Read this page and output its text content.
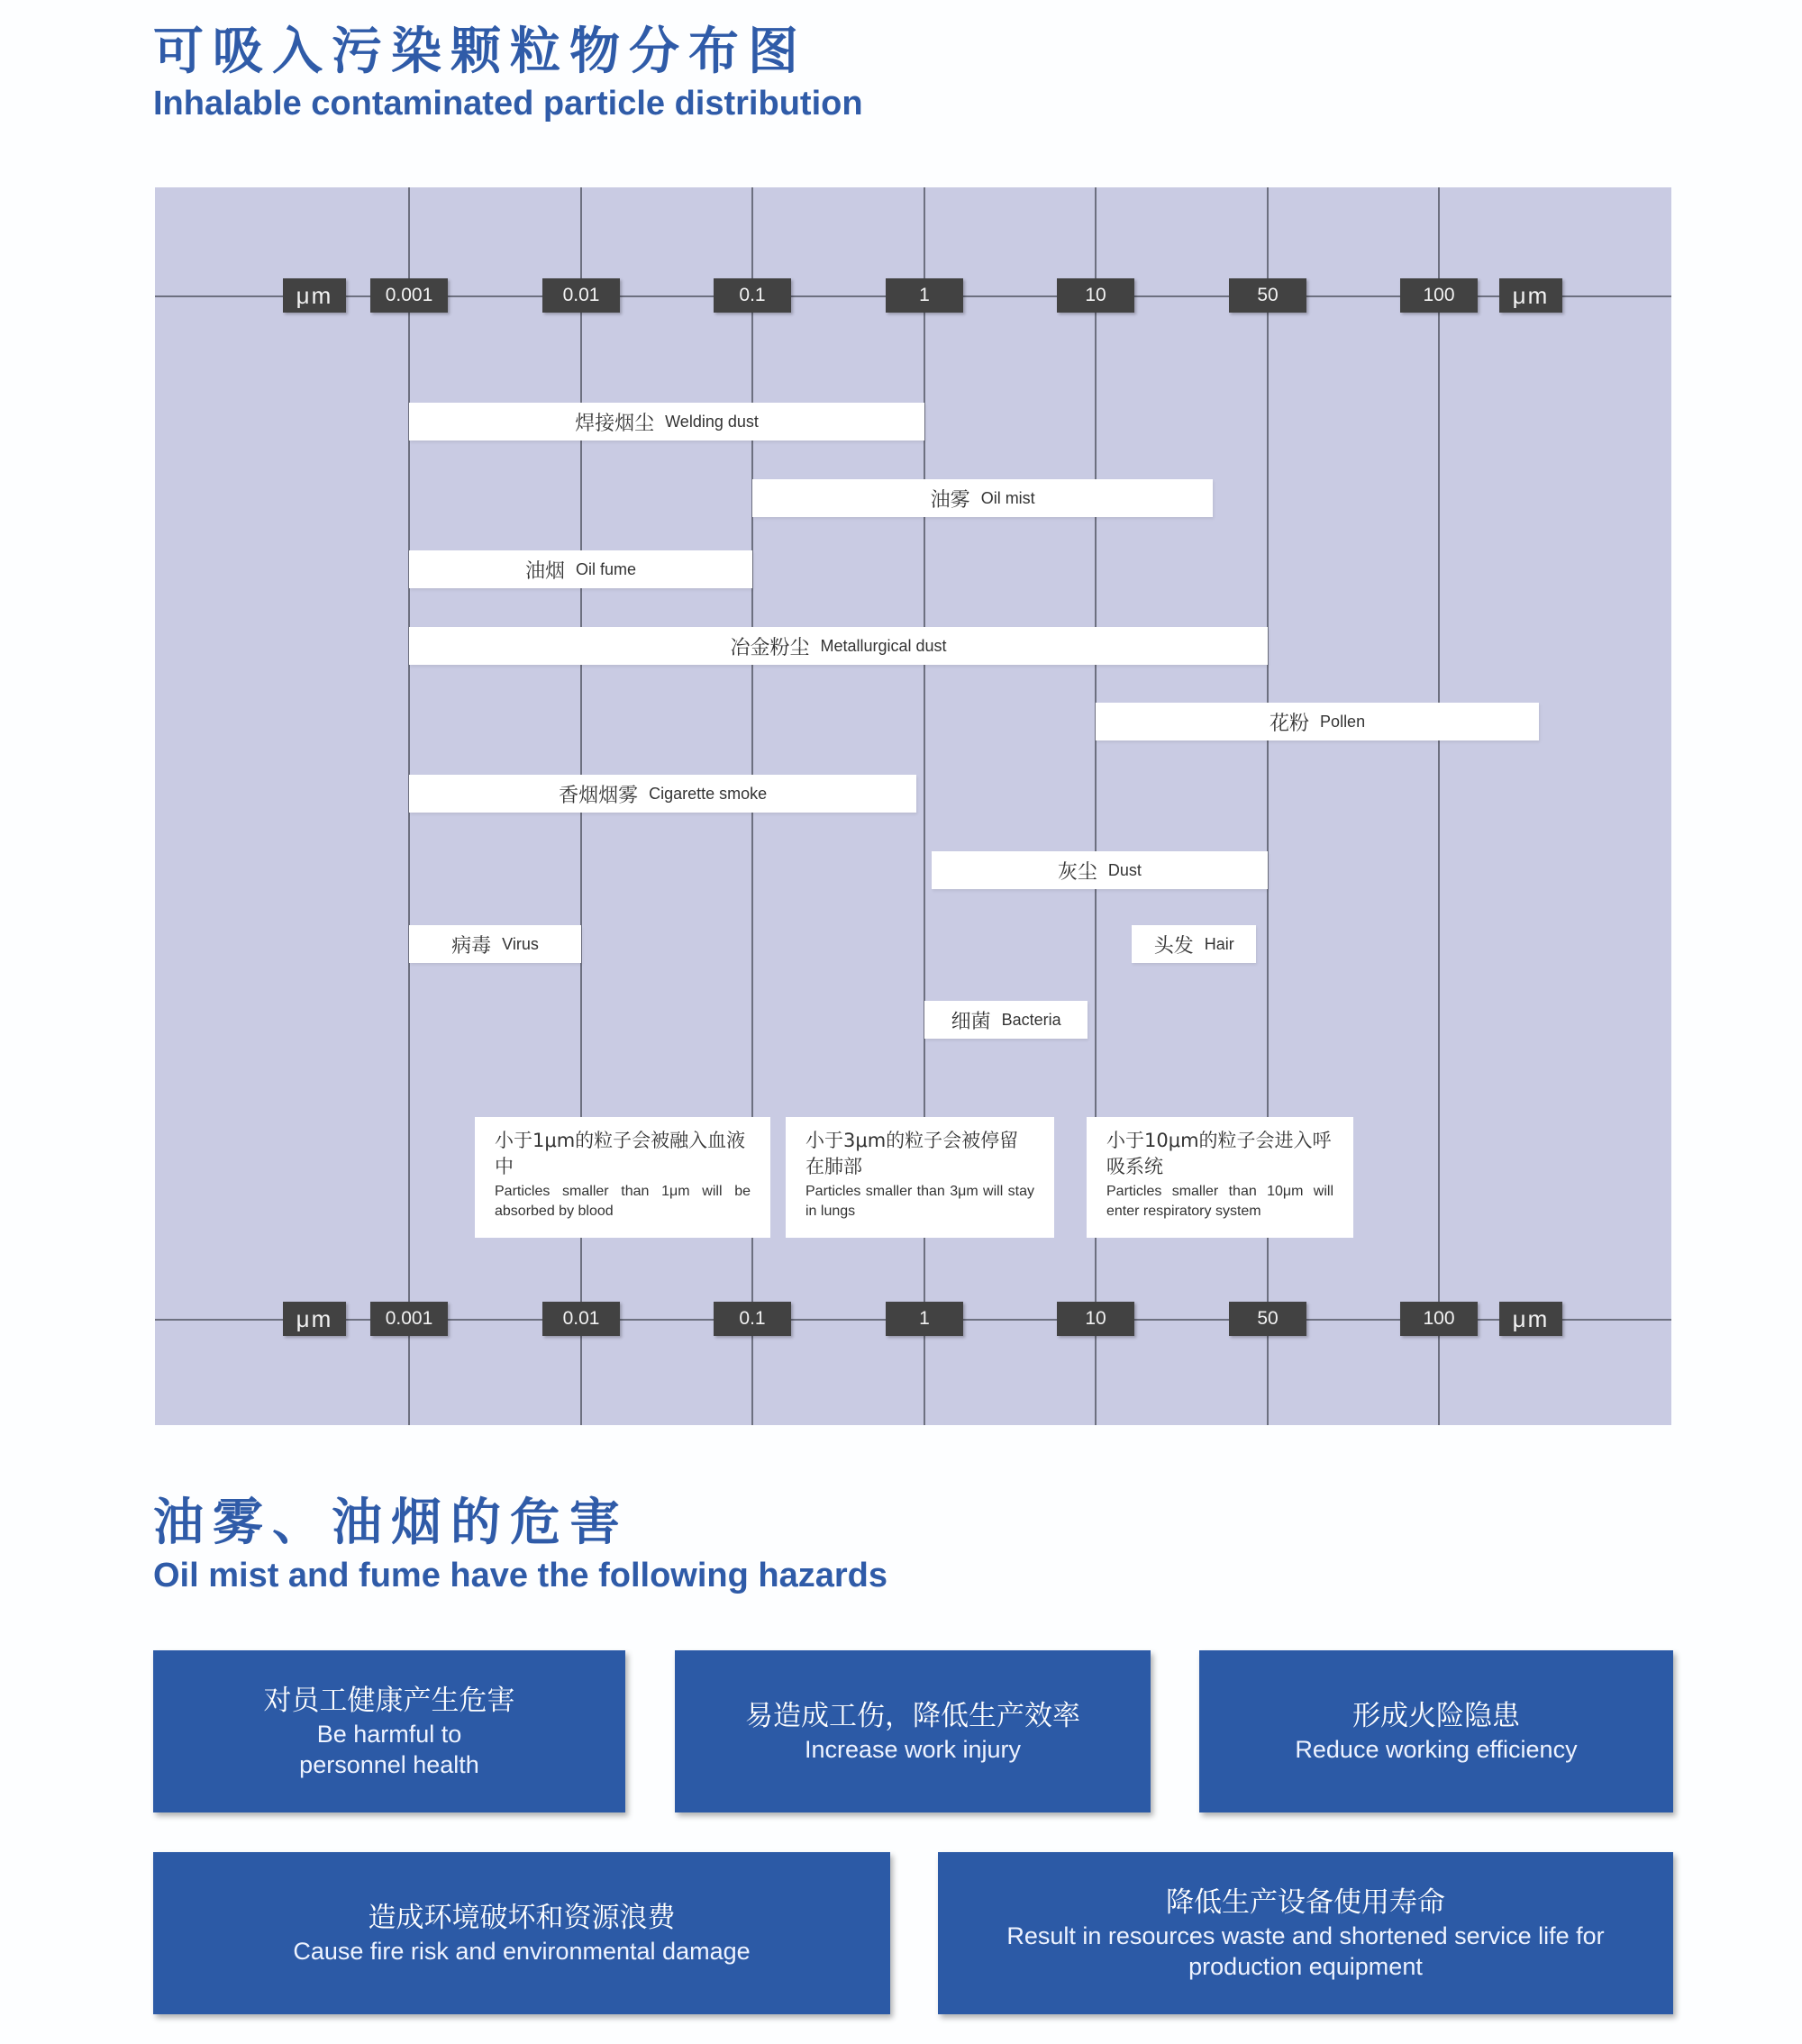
可吸入污染颗粒物分布图
Inhalable contaminated particle distribution
焊接烟尘 Welding dust
油雾 Oil mist
油烟 Oil fume
冶金粉尘 Metallurgical dust
花粉 Pollen
香烟烟雾 Cigarette smoke
灰尘 Dust
病毒 Virus	头发 Hair
细菌 Bacteria
小于1μm的粒子会被融入血液中
Particles smaller than 1μm will be absorbed by blood
小于3μm的粒子会被停留在肺部
Particles smaller than 3μm will stay in lungs
小于10μm的粒子会进入呼吸系统
Particles smaller than 10μm will enter respiratory system
μm	0.001	0.01	0.1	1	10	50	100	μm
μm	0.001	0.01	0.1	1	10	50	100	μm
油雾、油烟的危害
Oil mist and fume have the following hazards
对员工健康产生危害
Be harmful to personnel health
易造成工伤，降低生产效率
Increase work injury
形成火险隐患
Reduce working efficiency
造成环境破坏和资源浪费
Cause fire risk and environmental damage
降低生产设备使用寿命
Result in resources waste and shortened service life for production equipment
